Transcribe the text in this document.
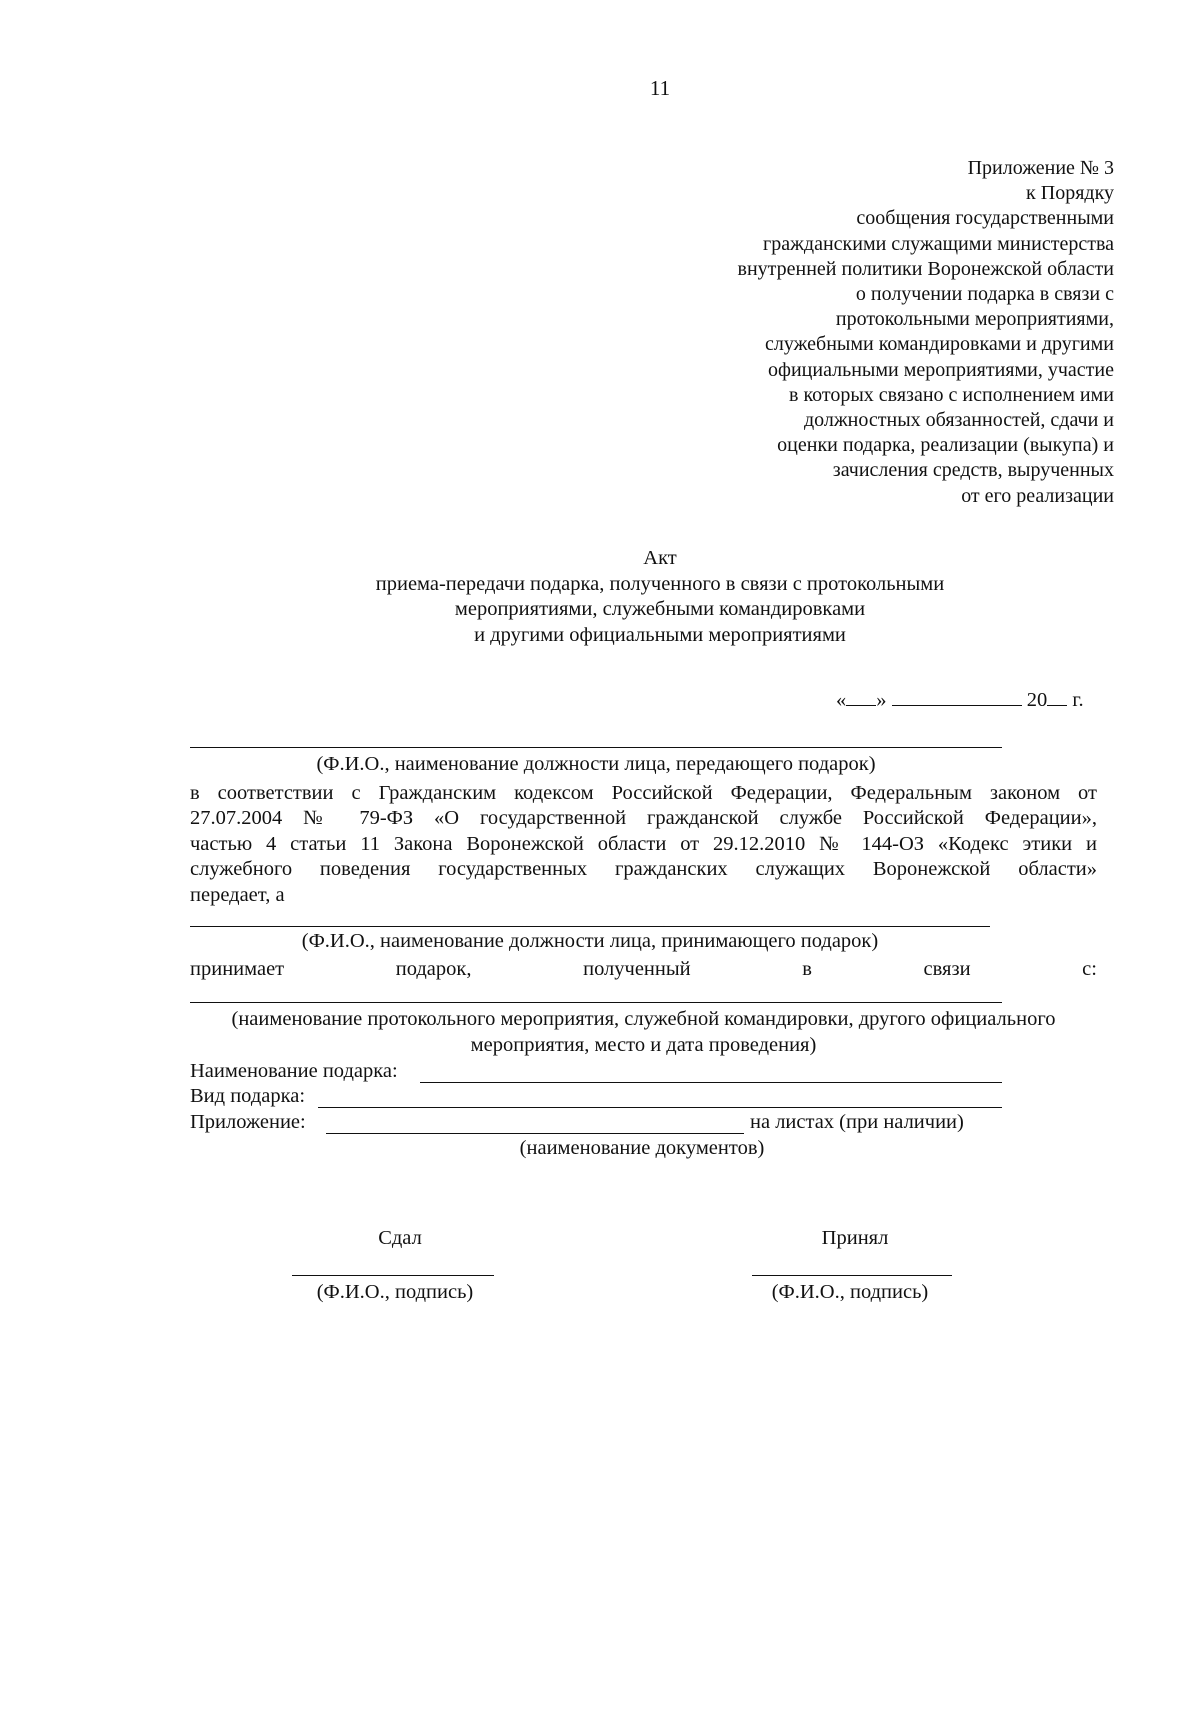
11
Приложение № 3
к Порядку
сообщения государственными
гражданскими служащими министерства
внутренней политики Воронежской области
о получении подарка в связи с
протокольными мероприятиями,
служебными командировками и другими
официальными мероприятиями, участие
в которых связано с исполнением ими
должностных обязанностей, сдачи и
оценки подарка, реализации (выкупа) и
зачисления средств, вырученных
от его реализации
Акт
приема-передачи подарка, полученного в связи с протокольными
мероприятиями, служебными командировками
и другими официальными мероприятиями
« »	20 г.
(Ф.И.О., наименование должности лица, передающего подарок)
в соответствии с Гражданским кодексом Российской Федерации, Федеральным законом от
27.07.2004 № 79-ФЗ «О государственной гражданской службе Российской Федерации»,
частью 4 статьи 11 Закона Воронежской области от 29.12.2010 № 144-ОЗ «Кодекс этики и
служебного поведения государственных гражданских служащих Воронежской области»
передает, а
(Ф.И.О., наименование должности лица, принимающего подарок)
принимает	подарок,	полученный	в	связи	с:
(наименование протокольного мероприятия, служебной командировки, другого официального
мероприятия, место и дата проведения)
Наименование подарка:
Вид подарка:
Приложение:	на листах (при наличии)
(наименование документов)
Сдал
(Ф.И.О., подпись)
Принял
(Ф.И.О., подпись)
